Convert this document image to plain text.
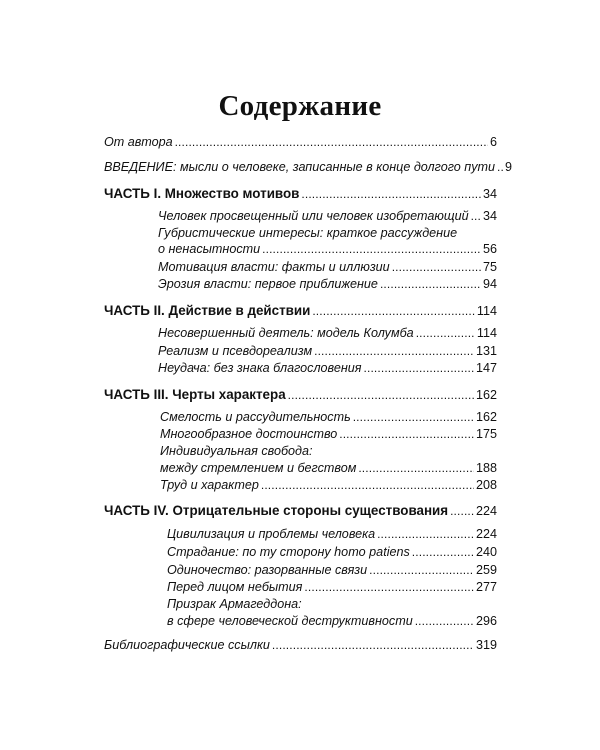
Содержание
От автора . . .	6
ВВЕДЕНИЕ: мысли о человеке, записанные в конце долгого пути . . . 9
ЧАСТЬ I. Множество мотивов . . .	34
Человек просвещенный или человек изобретающий . . . 34
Губристические интересы: краткое рассуждение
о ненасытности . . .	56
Мотивация власти: факты и иллюзии . . .	75
Эрозия власти: первое приближение . . .	94
ЧАСТЬ II. Действие в действии . . .	114
Несовершенный деятель: модель Колумба . . .	114
Реализм и псевдореализм . . .	131
Неудача: без знака благословения . . .	147
ЧАСТЬ III. Черты характера . . .	162
Смелость и рассудительность . . .	162
Многообразное достоинство . . .	175
Индивидуальная свобода:
между стремлением и бегством . . .	188
Труд и характер . . .	208
ЧАСТЬ IV. Отрицательные стороны существования . . . 224
Цивилизация и проблемы человека . . .	224
Страдание: по ту сторону homo patiens . . .	240
Одиночество: разорванные связи . . .	259
Перед лицом небытия . . .	277
Призрак Армагеддона:
в сфере человеческой деструктивности . . .	296
Библиографические ссылки . . .	319
